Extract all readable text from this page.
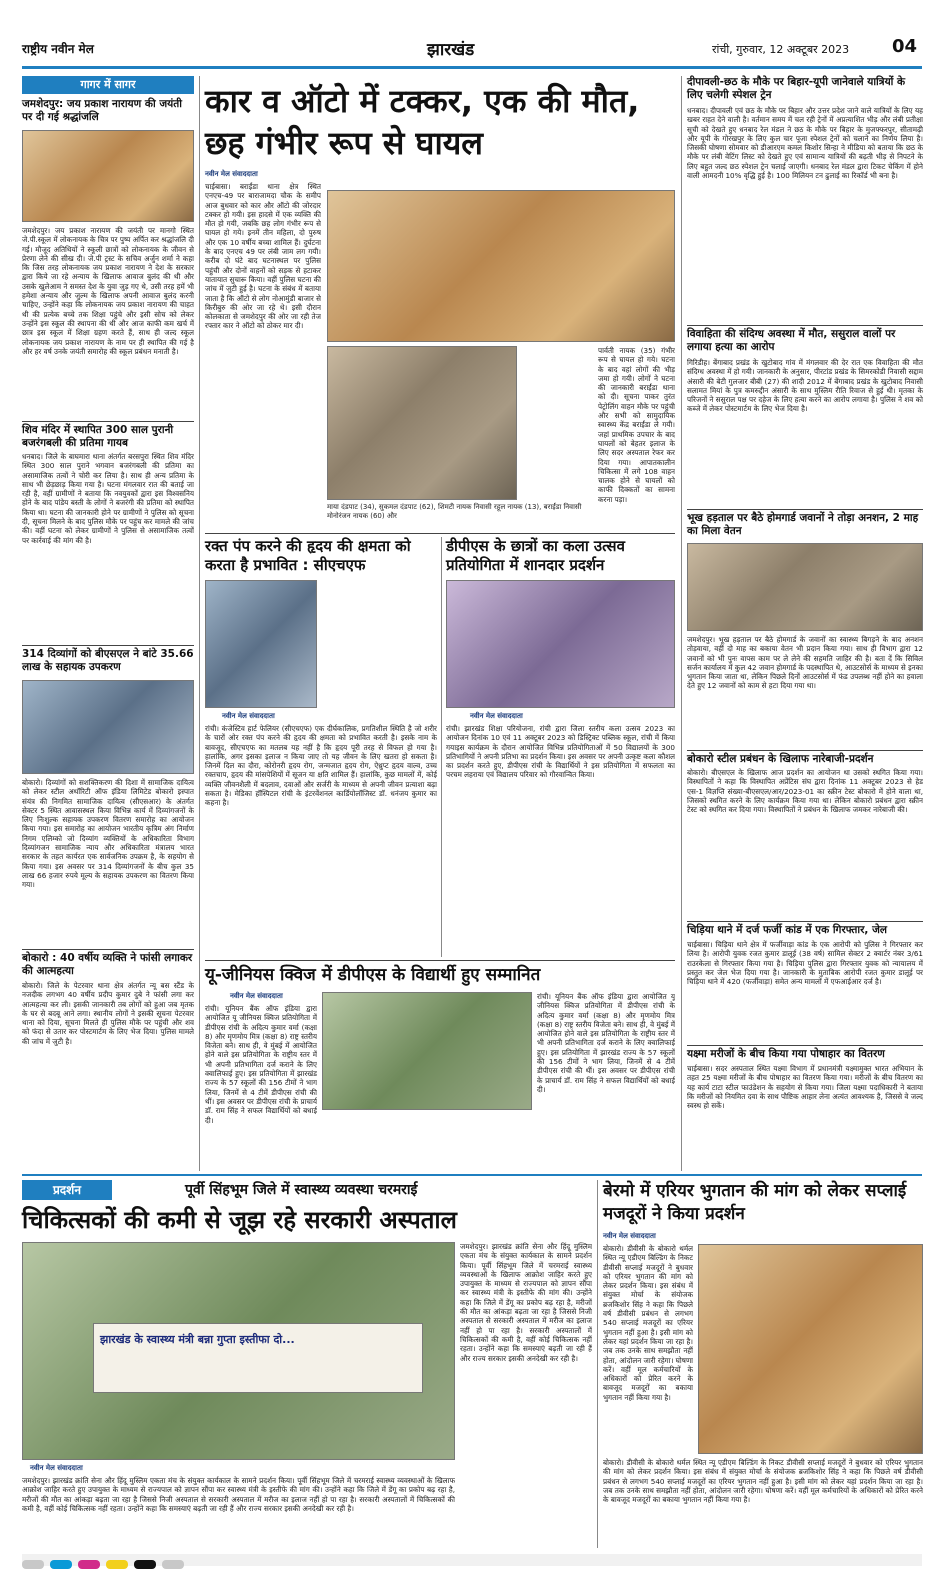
राष्ट्रीय नवीन मेल	झारखंड	रांची, गुरुवार, 12 अक्टूबर 2023 04
गागर में सागर
जमशेदपुर: जय प्रकाश नारायण की जयंती पर दी गई श्रद्धांजलि
जमशेदपुर। जय प्रकाश नारायण की जयंती पर मानगो स्थित जे.पी.स्कूल में लोकनायक के चित्र पर पुष्प अर्पित कर श्रद्धांजलि दी गई। मौजूद अतिथियों ने स्कूली छात्रों को लोकनायक के जीवन से प्रेरणा लेने की सीख दी। जे.पी ट्रस्ट के सचिव अर्जुन शर्मा ने कहा कि जिस तरह लोकनायक जय प्रकाश नारायण ने देश के सरकार द्वारा किये जा रहे अन्याय के खिलाफ आवाज बुलंद की थी और उसके खुलेआम ने समस्त देश के युवा जुड़ गए थे, उसी तरह हमें भी हमेशा अन्याय और जुल्म के खिलाफ अपनी आवाज बुलंद करनी चाहिए, उन्होंने कहा कि लोकनायक जय प्रकाश नारायण की चाहत थी की प्रत्येक बच्चे तक शिक्षा पहुंचे और इसी सोच को लेकर उन्होंने इस स्कूल की स्थापना की थी और आज काफी कम खर्च में छात्र इस स्कूल में शिक्षा ग्रहण करते हैं, साथ ही जल्द स्कूल लोकनायक जय प्रकाश नारायण के नाम पर ही स्थापित की गई है और हर वर्ष उनके जयंती समारोह की स्कूल प्रबंधन मनाती है।
शिव मंदिर में स्थापित 300 साल पुरानी बजरंगबली की प्रतिमा गायब
धनबाद। जिले के बाघमारा थाना अंतर्गत बरसपुरा स्थित शिव मंदिर स्थित 300 साल पुराने भगवान बजरंगबली की प्रतिमा का असामाजिक तत्वों ने चोरी कर लिया है। साथ ही अन्य प्रतिमा के साथ भी छेड़छाड़ किया गया है। घटना मंगलवार रात की बताई जा रही है, वहीं ग्रामीणों ने बताया कि नवयुवकों द्वारा इस विश्वसनिय होने के बाद पांडेय बस्ती के लोगों ने बजरंगी की प्रतिमा को स्थापित किया था। घटना की जानकारी होने पर ग्रामीणों ने पुलिस को सूचना दी, सूचना मिलने के बाद पुलिस मौके पर पहुंच कर मामले की जांच की। वहीं घटना को लेकर ग्रामीणों ने पुलिस से असामाजिक तत्वों पर कार्रवाई की मांग की है।
314 दिव्यांगों को बीएसएल ने बांटे 35.66 लाख के सहायक उपकरण
बोकारो। दिव्यांगों को सशक्तिकरण की दिशा में सामाजिक दायित्व को लेकर स्टील अथॉरिटी ऑफ इंडिया लिमिटेड बोकारो इस्पात संयंत्र की निगमित सामाजिक दायित्व (सीएसआर) के अंतर्गत सेक्टर 5 स्थित आवासस्थल किया विभिन्न कार्य में दिव्यांगजनों के लिए निःशुल्क सहायक उपकरण वितरण समारोह का आयोजन किया गया। इस समारोह का आयोजन भारतीय कृत्रिम अंग निर्माण निगम एलिम्को जो दिव्यांग व्यक्तियों के अधिकारिता विभाग दिव्यांगजन सामाजिक न्याय और अधिकारिता मंत्रालय भारत सरकार के तहत कार्यरत एक सार्वजनिक उपक्रम है, के सहयोग से किया गया। इस अवसर पर 314 दिव्यांगजनों के बीच कुल 35 लाख 66 हजार रुपये मूल्य के सहायक उपकरण का वितरण किया गया।
बोकारो : 40 वर्षीय व्यक्ति ने फांसी लगाकर की आत्महत्या
बोकारो। जिले के पेटरवार थाना क्षेत्र अंतर्गत न्यू बस स्टैंड के नजदीक लगभग 40 वर्षीय प्रदीप कुमार दुबे ने फांसी लगा कर आत्महत्या कर ली। इसकी जानकारी तब लोगों को हुआ जब मृतक के घर से बदबू आने लगा। स्थानीय लोगों ने इसकी सूचना पेटरवार थाना को दिया, सूचना मिलते ही पुलिस मौके पर पहुंची और शव को फंदा से उतार कर पोस्टमार्टम के लिए भेज दिया। पुलिस मामले की जांच में जुटी है।
कार व ऑटो में टक्कर, एक की मौत, छह गंभीर रूप से घायल
नवीन मेल संवाददाता
चाईबासा। बराईंडा थाना क्षेत्र स्थित एनएच-49 पर बाराजामदा चौक के समीप आज बुधवार को कार और ऑटो की जोरदार टक्कर हो गयी। इस हादसे में एक व्यक्ति की मौत हो गयी, जबकि छह लोग गंभीर रूप से घायल हो गये। इनमें तीन महिला, दो पुरुष और एक 10 वर्षीय बच्चा शामिल हैं। दुर्घटना के बाद एनएच 49 पर लंबी जाम लग गयी। करीब दो घंटे बाद घटनास्थल पर पुलिस पहुंची और दोनों वाहनों को सड़क से हटाकर यातायात सुचारू किया। वहीं पुलिस घटना की जांच में जुटी हुई है। घटना के संबंध में बताया जाता है कि ऑटो से लोग नोआमुंडी बाजार से किरीबुरु की ओर जा रहे थे। इसी दौरान कोलकाता से जमशेदपुर की ओर जा रही तेज रफ्तार कार ने ऑटो को ठोकर मार दी।
माया दंडपाट (34), सुकमल दंडपाट (62), शिमटी नायक निवासी रहूल नायक (13), बराईंडा निवासी मोनोरंजन नायक (60) और
पार्वती नायक (35) गंभीर रूप से घायल हो गये। घटना के बाद वहां लोगों की भीड़ जमा हो गयी। लोगों ने घटना की जानकारी बराईंडा थाना को दी। सूचना पाकर तुरंत पेट्रोलिंग वाहन मौके पर पहुंची और सभी को सामुदायिक स्वास्थ्य केंद्र बराईंडा ले गयी। जहां प्राथमिक उपचार के बाद घायलों को बेहतर इलाज के लिए सदर अस्पताल रेफर कर दिया गया। आपातकालीन चिकित्सा में लगे 108 वाहन चालक होने से घायलों को काफी दिक्कतों का सामना करना पड़ा।
रक्त पंप करने की हृदय की क्षमता को करता है प्रभावित : सीएचएफ
नवीन मेल संवाददाता
रांची। कंजेस्टिव हार्ट फेलियर (सीएचएफ) एक दीर्घकालिक, प्रगतिशील स्थिति है जो शरीर के चारों ओर रक्त पंप करने की हृदय की क्षमता को प्रभावित करती है। इसके नाम के बावजूद, सीएचएफ का मतलब यह नहीं है कि हृदय पूरी तरह से विफल हो गया है। हालांकि, अगर इसका इलाज न किया जाए तो यह जीवन के लिए खतरा हो सकता है। जिनमें दिल का दौरा, कोरोनरी हृदय रोग, जन्मजात हृदय रोग, ऐथ्रुप्ट हृदय वाल्व, उच्च रक्तचाप, हृदय की मांसपेशियों में सूजन या क्षति शामिल हैं। हालांकि, कुछ मामलों में, कोई व्यक्ति जीवनशैली में बदलाव, दवाओं और सर्जरी के माध्यम से अपनी जीवन प्रत्याशा बढ़ा सकता है। मेडिका हॉस्पिटल रांची के इंटरवेंशनल कार्डियोलॉजिस्ट डॉ. धनंजय कुमार का कहना है।
डीपीएस के छात्रों का कला उत्सव प्रतियोगिता में शानदार प्रदर्शन
नवीन मेल संवाददाता
रांची। झारखंड शिक्षा परियोजना, रांची द्वारा जिला स्तरीय कला उत्सव 2023 का आयोजन दिनांक 10 एवं 11 अक्टूबर 2023 को डिस्ट्रिक्ट पब्लिक स्कूल, रांची में किया गयाइस कार्यक्रम के दौरान आयोजित विभिन्न प्रतियोगिताओं में 50 विद्यालयों के 300 प्रतिभागियों ने अपनी प्रतिभा का प्रदर्शन किया। इस अवसर पर अपनी उत्कृष्ट कला कौशल का प्रदर्शन करते हुए, डीपीएस रांची के विद्यार्थियों ने इस प्रतियोगिता में सफलता का परचम लहराया एवं विद्यालय परिवार को गौरवान्वित किया।
यू-जीनियस क्विज में डीपीएस के विद्यार्थी हुए सम्मानित
नवीन मेल संवाददाता
रांची। यूनियन बैंक ऑफ इंडिया द्वारा आयोजित यू जीनियस क्विज प्रतियोगिता में डीपीएस रांची के अदित्य कुमार वर्मा (कक्षा 8) और मृणमोय मित्र (कक्षा 8) राष्ट्र स्तरीय विजेता बने। साथ ही, वे मुंबई में आयोजित होने वाले इस प्रतियोगिता के राष्ट्रीय स्तर में भी अपनी प्रतिभागिता दर्ज कराने के लिए क्वालिफाई हुए। इस प्रतियोगिता में झारखंड राज्य के 57 स्कूलों की 156 टीमों ने भाग लिया, जिनमें से 4 टीमें डीपीएस रांची की थीं। इस अवसर पर डीपीएस रांची के प्राचार्य डॉ. राम सिंह ने सफल विद्यार्थियों को बधाई दी।
रांची। यूनियन बैंक ऑफ इंडिया द्वारा आयोजित यू जीनियस क्विज प्रतियोगिता में डीपीएस रांची के अदित्य कुमार वर्मा (कक्षा 8) और मृणमोय मित्र (कक्षा 8) राष्ट्र स्तरीय विजेता बने। साथ ही, वे मुंबई में आयोजित होने वाले इस प्रतियोगिता के राष्ट्रीय स्तर में भी अपनी प्रतिभागिता दर्ज कराने के लिए क्वालिफाई हुए। इस प्रतियोगिता में झारखंड राज्य के 57 स्कूलों की 156 टीमों ने भाग लिया, जिनमें से 4 टीमें डीपीएस रांची की थीं। इस अवसर पर डीपीएस रांची के प्राचार्य डॉ. राम सिंह ने सफल विद्यार्थियों को बधाई दी।
दीपावली-छठ के मौके पर बिहार-यूपी जानेवाले यात्रियों के लिए चलेगी स्पेशल ट्रेन
धनबाद। दीपावली एवं छठ के मौके पर बिहार और उत्तर प्रदेश जाने वाले यात्रियों के लिए यह खबर राहत देने वाली है। वर्तमान समय में चल रही ट्रेनों में अप्रत्याशित भीड़ और लंबी प्रतीक्षा सूची को देखते हुए धनबाद रेल मंडल ने छठ के मौके पर बिहार के मुजफ्फरपुर, सीतामढ़ी और यूपी के गोरखपुर के लिए कुल चार पूजा स्पेशल ट्रेनों को चलाने का निर्णय लिया है। जिसकी घोषणा सोमवार को डीआरएम कमल किशोर सिन्हा ने मीडिया को बताया कि छठ के मौके पर लंबी वेटिंग लिस्ट को देखते हुए एवं सामान्य यात्रियों की बढ़ती भीड़ से निपटने के लिए बहुत जल्द छठ स्पेशल ट्रेन चलाई जाएगी। धनबाद रेल मंडल द्वारा टिकट चेकिंग में होने वाली आमदनी 10% वृद्धि हुई है। 100 मिलियन टन ढुलाई का रिकॉर्ड भी बना है।
विवाहिता की संदिग्ध अवस्था में मौत, ससुराल वालों पर लगाया हत्या का आरोप
गिरिडीह। बेंगाबाद प्रखंड के खुटोबाद गांव में मंगलवार की देर रात एक विवाहिता की मौत संदिग्ध अवस्था में हो गयी। जानकारी के अनुसार, पीरटांड प्रखंड के सिमरकोडी निवासी सद्दाम अंसारी की बेटी गुलजार बीबी (27) की शादी 2012 में बेंगाबाद प्रखंड के खुटोबाद निवासी सलामत मियां के पुत्र कमरुद्दीन अंसारी के साथ मुस्लिम रीति रिवाज से हुई थी। मृतका के परिजनों ने ससुराल पक्ष पर दहेज के लिए हत्या करने का आरोप लगाया है। पुलिस ने शव को कब्जे में लेकर पोस्टमार्टम के लिए भेज दिया है।
भूख हड़ताल पर बैठे होमगार्ड जवानों ने तोड़ा अनशन, 2 माह का मिला वेतन
जमशेदपुर। भूख हड़ताल पर बैठे होमगार्ड के जवानों का स्वास्थ्य बिगड़ने के बाद अनशन तोड़वाया, वहीं दो माह का बकाया वेतन भी प्रदान किया गया। साथ ही विभाग द्वारा 12 जवानों को भी पुनः वापस काम पर ले लेने की सहमति जाहिर की है। बता दें कि सिविल सर्जन कार्यालय में कुल 42 जवान होमगार्ड के पदस्थापित थे, आउटसोर्स के माध्यम से इनका भुगतान किया जाता था, लेकिन पिछले दिनों आउटसोर्स में फंड उपलब्ध नहीं होने का हवाला देते हुए 12 जवानों को काम से हटा दिया गया था।
बोकारो स्टील प्रबंधन के खिलाफ नारेबाजी-प्रदर्शन
बोकारो। बीएसएल के खिलाफ आज प्रदर्शन का आयोजन था उसको स्थगित किया गया। विस्थापितों ने कहा कि विस्थापित अप्रेंटिस संघ द्वारा दिनांक 11 अक्टूबर 2023 से हेड एस-1 विज्ञप्ति संख्या-बीएसएल/आर/2023-01 का स्क्रीन टेस्ट बोकारो में होने वाला था, जिसको स्थगित करने के लिए कार्यक्रम किया गया था। लेकिन बोकारो प्रबंधन द्वारा स्क्रीन टेस्ट को स्थगित कर दिया गया। विस्थापितों ने प्रबंधन के खिलाफ जमकर नारेबाजी की।
चिड़िया थाने में दर्ज फर्जी कांड में एक गिरफ्तार, जेल
चाईबासा। चिड़िया थाने क्षेत्र में फर्जीवाड़ा कांड के एक आरोपी को पुलिस ने गिरफ्तार कर लिया है। आरोपी युवक रजत कुमार डालूई (38 वर्ष) सामिल सेक्टर 2 क्वार्टर नंबर 3/61 राउरकेला से गिरफ्तार किया गया है। चिड़िया पुलिस द्वारा गिरफ्तार युवक को न्यायालय में प्रस्तुत कर जेल भेज दिया गया है। जानकारी के मुताबिक आरोपी रजत कुमार डालूई पर चिड़िया थाने में 420 (फर्जीवाड़ा) समेत अन्य मामलों में एफआईआर दर्ज है।
यक्ष्मा मरीजों के बीच किया गया पोषाहार का वितरण
चाईबासा। सदर अस्पताल स्थित यक्ष्मा विभाग में प्रधानमंत्री यक्ष्मामुक्त भारत अभियान के तहत 25 यक्ष्मा मरीजों के बीच पोषाहार का वितरण किया गया। मरीजों के बीच वितरण का यह कार्य टाटा स्टील फाउंडेशन के सहयोग से किया गया। जिला यक्ष्मा पदाधिकारी ने बताया कि मरीजों को नियमित दवा के साथ पौष्टिक आहार लेना अत्यंत आवश्यक है, जिससे वे जल्द स्वस्थ हो सकें।
प्रदर्शन	पूर्वी सिंहभूम जिले में स्वास्थ्य व्यवस्था चरमराई
चिकित्सकों की कमी से जूझ रहे सरकारी अस्पताल
झारखंड के स्वास्थ्य मंत्री बन्ना गुप्ता इस्तीफा दो...
नवीन मेल संवाददाता
जमशेदपुर। झारखंड क्रांति सेना और हिंदू मुस्लिम एकता मंच के संयुक्त कार्यकाल के सामने प्रदर्शन किया। पूर्वी सिंहभूम जिले में चरमराई स्वास्थ्य व्यवस्थाओं के खिलाफ आक्रोश जाहिर करते हुए उपायुक्त के माध्यम से राज्यपाल को ज्ञापन सौंपा कर स्वास्थ्य मंत्री के इस्तीफे की मांग की। उन्होंने कहा कि जिले में डेंगू का प्रकोप बढ़ रहा है, मरीजों की मौत का आंकड़ा बढ़ता जा रहा है जिससे निजी अस्पताल से सरकारी अस्पताल में मरीज का इलाज नहीं हो पा रहा है। सरकारी अस्पतालों में चिकित्सकों की कमी है, वहीं कोई चिकित्सक नहीं रहता। उन्होंने कहा कि समस्याएं बढ़ती जा रही हैं और राज्य सरकार इसकी अनदेखी कर रही है।
जमशेदपुर। झारखंड क्रांति सेना और हिंदू मुस्लिम एकता मंच के संयुक्त कार्यकाल के सामने प्रदर्शन किया। पूर्वी सिंहभूम जिले में चरमराई स्वास्थ्य व्यवस्थाओं के खिलाफ आक्रोश जाहिर करते हुए उपायुक्त के माध्यम से राज्यपाल को ज्ञापन सौंपा कर स्वास्थ्य मंत्री के इस्तीफे की मांग की। उन्होंने कहा कि जिले में डेंगू का प्रकोप बढ़ रहा है, मरीजों की मौत का आंकड़ा बढ़ता जा रहा है जिससे निजी अस्पताल से सरकारी अस्पताल में मरीज का इलाज नहीं हो पा रहा है। सरकारी अस्पतालों में चिकित्सकों की कमी है, वहीं कोई चिकित्सक नहीं रहता। उन्होंने कहा कि समस्याएं बढ़ती जा रही हैं और राज्य सरकार इसकी अनदेखी कर रही है।
बेरमो में एरियर भुगतान की मांग को लेकर सप्लाई मजदूरों ने किया प्रदर्शन
नवीन मेल संवाददाता
बोकारो। डीवीसी के बोकारो थर्मल स्थित न्यू एडीएम बिल्डिंग के निकट डीवीसी सप्लाई मजदूरों ने बुधवार को एरियर भुगतान की मांग को लेकर प्रदर्शन किया। इस संबंध में संयुक्त मोर्चा के संयोजक ब्रजकिशोर सिंह ने कहा कि पिछले वर्ष डीवीसी प्रबंधन से लगभग 540 सप्लाई मजदूरों का एरियर भुगतान नहीं हुआ है। इसी मांग को लेकर यहां प्रदर्शन किया जा रहा है। जब तक उनके साथ समझौता नहीं होता, आंदोलन जारी रहेगा। घोषणा करें। वहीं मूल कर्मचारियों के अधिकारों को प्रेरित करने के बावजूद मजदूरों का बकाया भुगतान नहीं किया गया है।
बोकारो। डीवीसी के बोकारो थर्मल स्थित न्यू एडीएम बिल्डिंग के निकट डीवीसी सप्लाई मजदूरों ने बुधवार को एरियर भुगतान की मांग को लेकर प्रदर्शन किया। इस संबंध में संयुक्त मोर्चा के संयोजक ब्रजकिशोर सिंह ने कहा कि पिछले वर्ष डीवीसी प्रबंधन से लगभग 540 सप्लाई मजदूरों का एरियर भुगतान नहीं हुआ है। इसी मांग को लेकर यहां प्रदर्शन किया जा रहा है। जब तक उनके साथ समझौता नहीं होता, आंदोलन जारी रहेगा। घोषणा करें। वहीं मूल कर्मचारियों के अधिकारों को प्रेरित करने के बावजूद मजदूरों का बकाया भुगतान नहीं किया गया है।
